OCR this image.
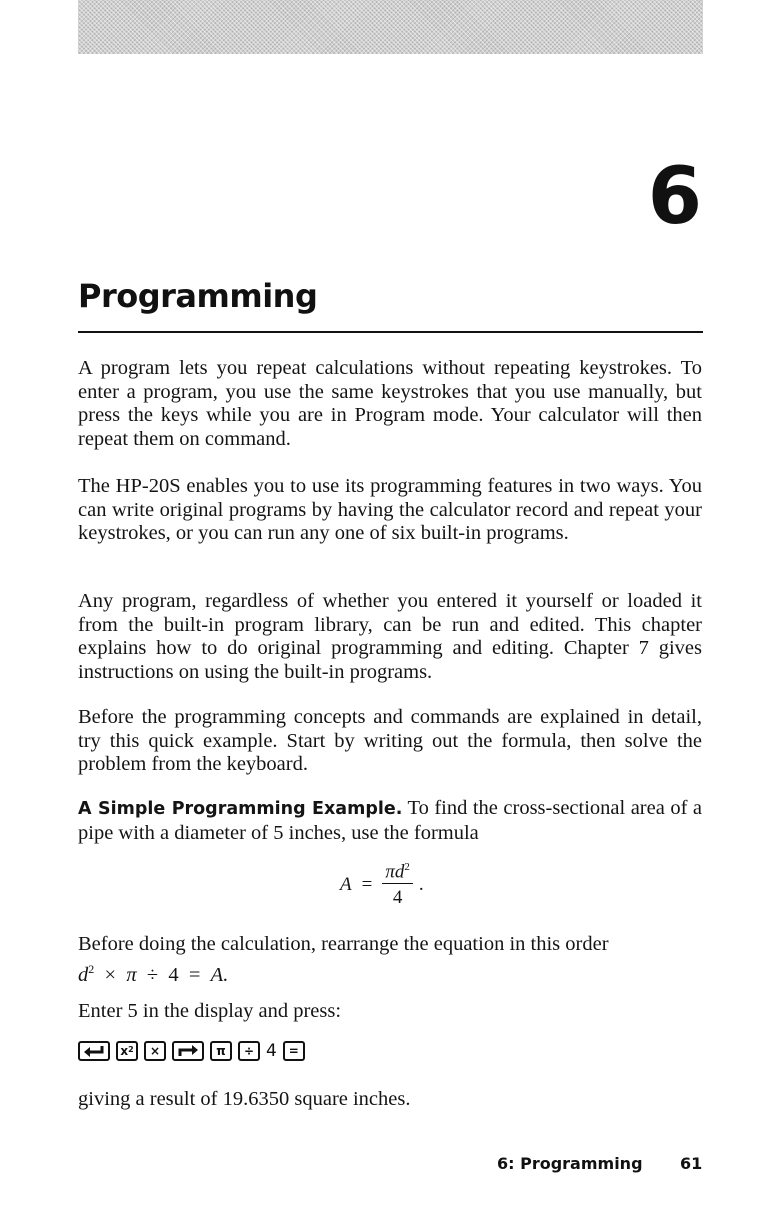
6
Programming

A program lets you repeat calculations without repeating keystrokes. To enter a program, you use the same keystrokes that you use manually, but press the keys while you are in Program mode. Your calculator will then repeat them on command.

The HP-20S enables you to use its programming features in two ways. You can write original programs by having the calculator record and repeat your keystrokes, or you can run any one of six built-in programs.

Any program, regardless of whether you entered it yourself or loaded it from the built-in program library, can be run and edited. This chapter explains how to do original programming and editing. Chapter 7 gives instructions on using the built-in programs.

Before the programming concepts and commands are explained in detail, try this quick example. Start by writing out the formula, then solve the problem from the keyboard.

A Simple Programming Example. To find the cross-sectional area of a pipe with a diameter of 5 inches, use the formula

$A = \frac{\pi d^2}{4}$ .

Before doing the calculation, rearrange the equation in this order

$d^2 \times \pi \div 4 = A$.

Enter 5 in the display and press:

x 2	×	π	÷ 4 =

giving a result of 19.6350 square inches.

6: Programming 61
